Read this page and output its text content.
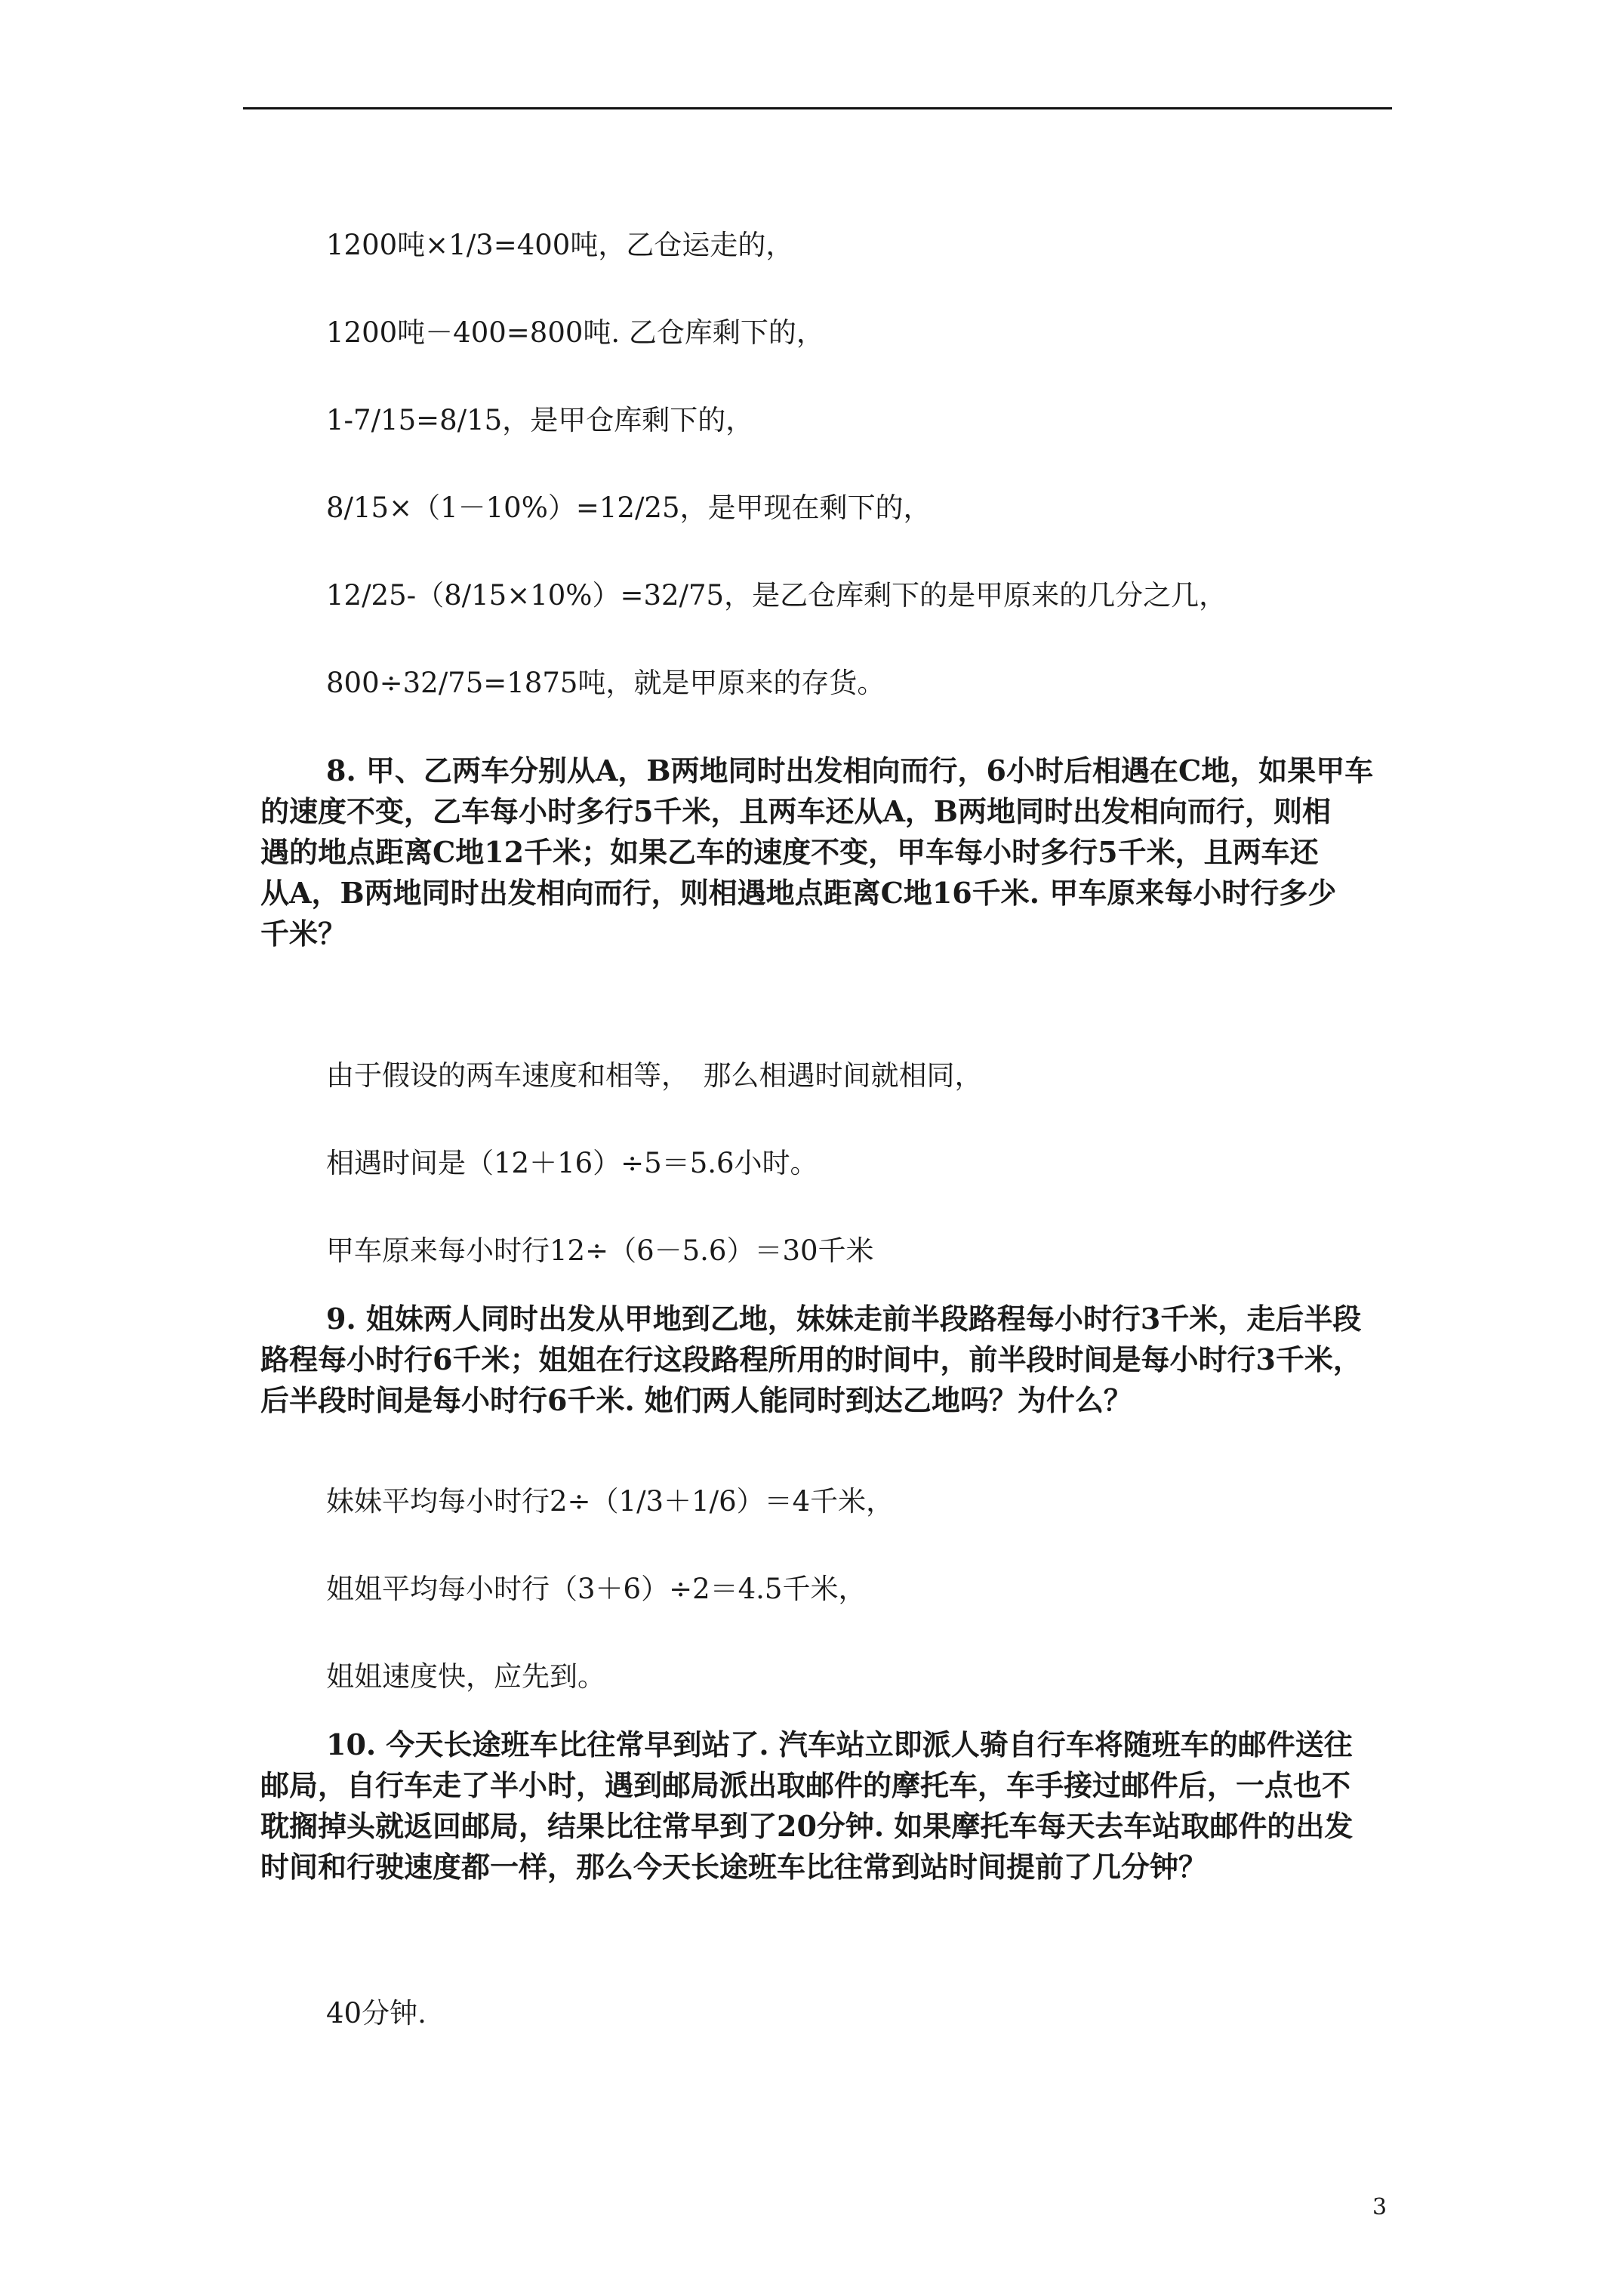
1200吨×1/3=400吨，乙仓运走的，

1200吨－400=800吨. 乙仓库剩下的，

1-7/15=8/15，是甲仓库剩下的，

8/15×（1－10%）=12/25，是甲现在剩下的，

12/25-（8/15×10%）=32/75，是乙仓库剩下的是甲原来的几分之几，

800÷32/75=1875吨，就是甲原来的存货。

8. 甲、乙两车分别从A，B两地同时出发相向而行，6小时后相遇在C地，如果甲车
的速度不变，乙车每小时多行5千米，且两车还从A，B两地同时出发相向而行，则相
遇的地点距离C地12千米；如果乙车的速度不变，甲车每小时多行5千米，且两车还
从A，B两地同时出发相向而行，则相遇地点距离C地16千米. 甲车原来每小时行多少
千米？

由于假设的两车速度和相等，　那么相遇时间就相同，

相遇时间是（12＋16）÷5＝5.6小时。

甲车原来每小时行12÷（6－5.6）＝30千米

9. 姐妹两人同时出发从甲地到乙地，妹妹走前半段路程每小时行3千米，走后半段
路程每小时行6千米；姐姐在行这段路程所用的时间中，前半段时间是每小时行3千米，
后半段时间是每小时行6千米. 她们两人能同时到达乙地吗？为什么？

妹妹平均每小时行2÷（1/3＋1/6）＝4千米，

姐姐平均每小时行（3＋6）÷2＝4.5千米，

姐姐速度快，应先到。

10. 今天长途班车比往常早到站了. 汽车站立即派人骑自行车将随班车的邮件送往
邮局，自行车走了半小时，遇到邮局派出取邮件的摩托车，车手接过邮件后，一点也不
耽搁掉头就返回邮局，结果比往常早到了20分钟. 如果摩托车每天去车站取邮件的出发
时间和行驶速度都一样，那么今天长途班车比往常到站时间提前了几分钟？

40分钟.

3
